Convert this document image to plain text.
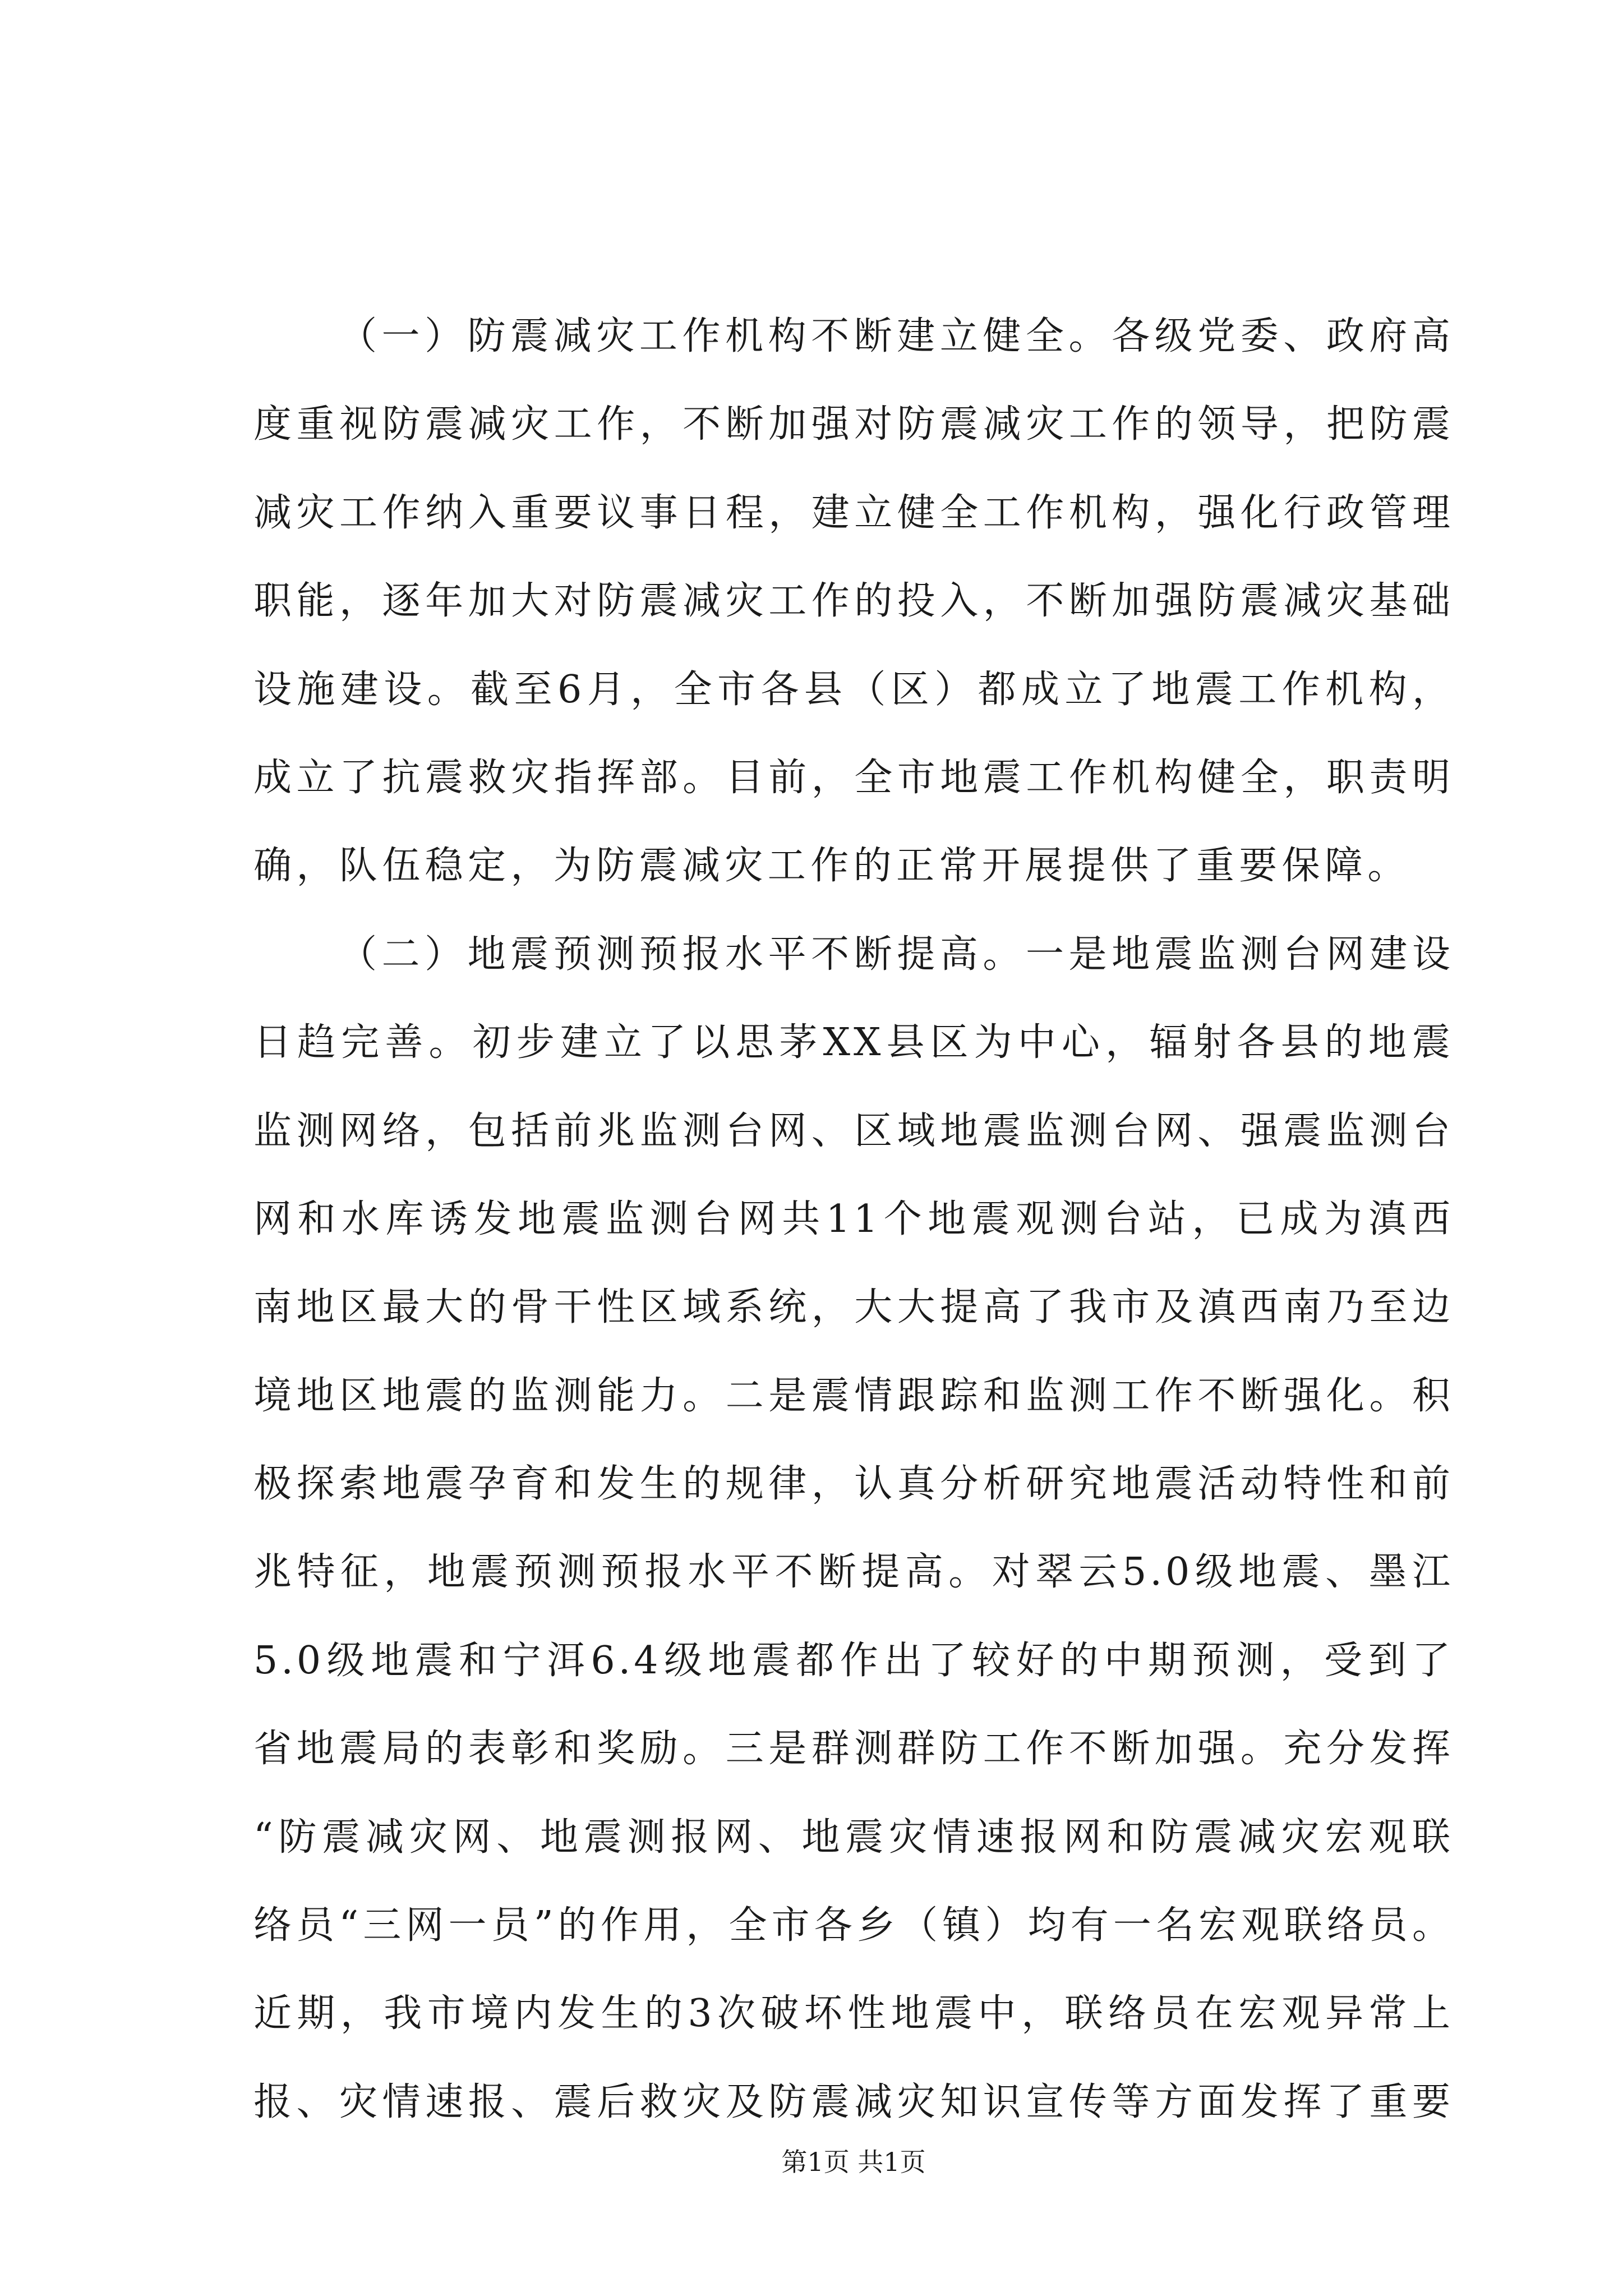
（一）防震减灾工作机构不断建立健全。各级党委、政府高
度重视防震减灾工作，不断加强对防震减灾工作的领导，把防震
减灾工作纳入重要议事日程，建立健全工作机构，强化行政管理
职能，逐年加大对防震减灾工作的投入，不断加强防震减灾基础
设施建设。截至6月，全市各县（区）都成立了地震工作机构，
成立了抗震救灾指挥部。目前，全市地震工作机构健全，职责明
确，队伍稳定，为防震减灾工作的正常开展提供了重要保障。
（二）地震预测预报水平不断提高。一是地震监测台网建设
日趋完善。初步建立了以思茅XX县区为中心，辐射各县的地震
监测网络，包括前兆监测台网、区域地震监测台网、强震监测台
网和水库诱发地震监测台网共11个地震观测台站，已成为滇西
南地区最大的骨干性区域系统，大大提高了我市及滇西南乃至边
境地区地震的监测能力。二是震情跟踪和监测工作不断强化。积
极探索地震孕育和发生的规律，认真分析研究地震活动特性和前
兆特征，地震预测预报水平不断提高。对翠云5.0级地震、墨江
5.0级地震和宁洱6.4级地震都作出了较好的中期预测，受到了
省地震局的表彰和奖励。三是群测群防工作不断加强。充分发挥
“防震减灾网、地震测报网、地震灾情速报网和防震减灾宏观联
络员“三网一员”的作用，全市各乡（镇）均有一名宏观联络员。
近期，我市境内发生的3次破坏性地震中，联络员在宏观异常上
报、灾情速报、震后救灾及防震减灾知识宣传等方面发挥了重要
第1页 共1页
